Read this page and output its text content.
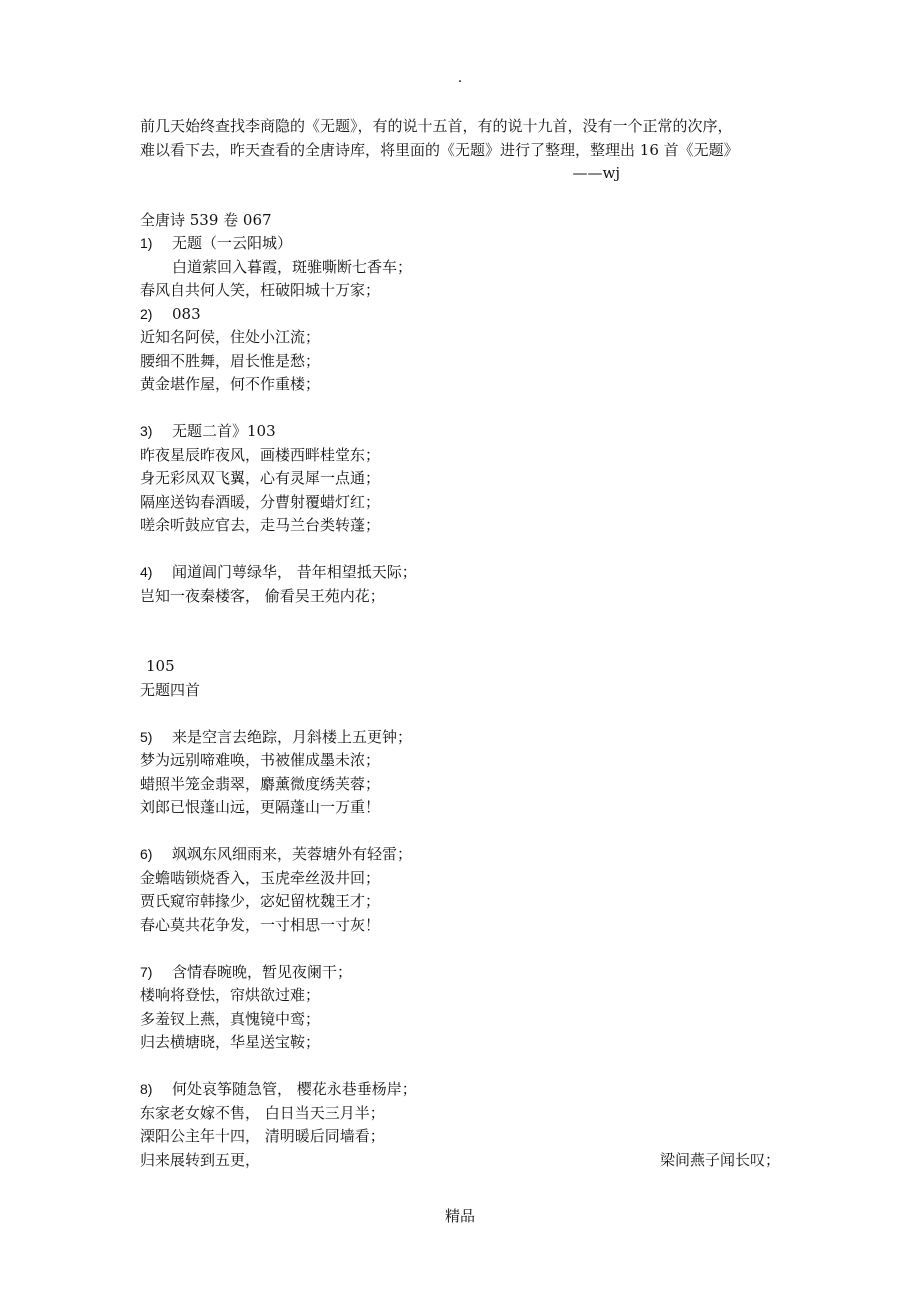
.
前几天始终查找李商隐的《无题》，有的说十五首，有的说十九首，没有一个正常的次序，
难以看下去，昨天查看的全唐诗库，将里面的《无题》进行了整理，整理出 16 首《无题》
——wj
全唐诗 539 卷 067
1) 无题（一云阳城）
白道萦回入暮霞，斑骓嘶断七香车；
春风自共何人笑，枉破阳城十万家；
2) 083
近知名阿侯，住处小江流；
腰细不胜舞，眉长惟是愁；
黄金堪作屋，何不作重楼；
3) 无题二首》103
昨夜星辰昨夜风，画楼西畔桂堂东；
身无彩凤双飞翼，心有灵犀一点通；
隔座送钩春酒暖，分曹射覆蜡灯红；
嗟余听鼓应官去，走马兰台类转蓬；
4) 闻道阊门萼绿华， 昔年相望抵天际；
岂知一夜秦楼客， 偷看吴王苑内花；
105
无题四首
5) 来是空言去绝踪，月斜楼上五更钟；
梦为远别啼难唤，书被催成墨未浓；
蜡照半笼金翡翠，麝薰微度绣芙蓉；
刘郎已恨蓬山远，更隔蓬山一万重！
6) 飒飒东风细雨来，芙蓉塘外有轻雷；
金蟾啮锁烧香入，玉虎牵丝汲井回；
贾氏窥帘韩掾少，宓妃留枕魏王才；
春心莫共花争发，一寸相思一寸灰！
7) 含情春晼晚，暂见夜阑干；
楼响将登怯，帘烘欲过难；
多羞钗上燕，真愧镜中鸾；
归去横塘晓，华星送宝鞍；
8) 何处哀筝随急管， 樱花永巷垂杨岸；
东家老女嫁不售， 白日当天三月半；
溧阳公主年十四， 清明暖后同墙看；
归来展转到五更，	梁间燕子闻长叹；
精品
